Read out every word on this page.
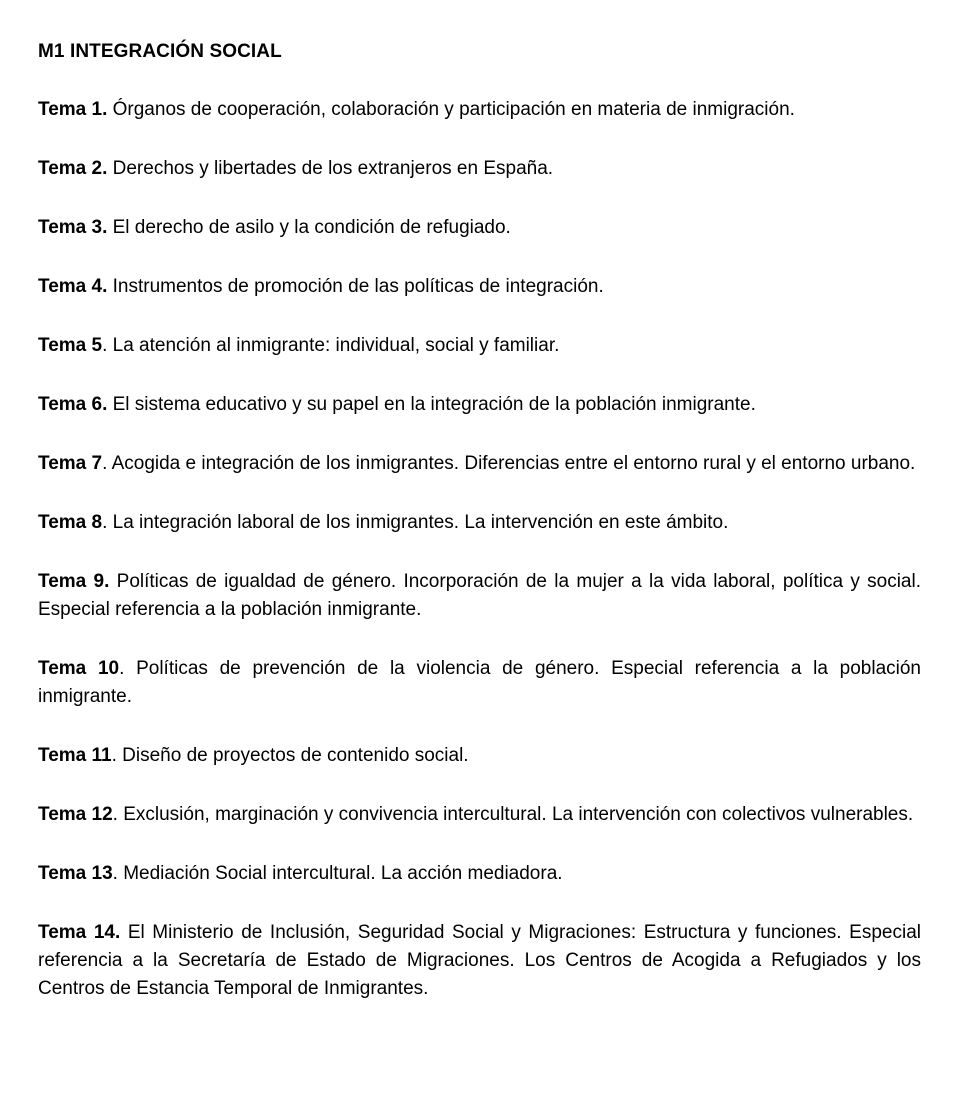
M1 INTEGRACIÓN SOCIAL
Tema 1. Órganos de cooperación, colaboración y participación en materia de inmigración.
Tema 2. Derechos y libertades de los extranjeros en España.
Tema 3. El derecho de asilo y la condición de refugiado.
Tema 4. Instrumentos de promoción de las políticas de integración.
Tema 5. La atención al inmigrante: individual, social y familiar.
Tema 6. El sistema educativo y su papel en la integración de la población inmigrante.
Tema 7. Acogida e integración de los inmigrantes. Diferencias entre el entorno rural y el entorno urbano.
Tema 8. La integración laboral de los inmigrantes. La intervención en este ámbito.
Tema 9. Políticas de igualdad de género. Incorporación de la mujer a la vida laboral, política y social. Especial referencia a la población inmigrante.
Tema 10. Políticas de prevención de la violencia de género. Especial referencia a la población inmigrante.
Tema 11. Diseño de proyectos de contenido social.
Tema 12. Exclusión, marginación y convivencia intercultural. La intervención con colectivos vulnerables.
Tema 13. Mediación Social intercultural. La acción mediadora.
Tema 14. El Ministerio de Inclusión, Seguridad Social y Migraciones: Estructura y funciones. Especial referencia a la Secretaría de Estado de Migraciones. Los Centros de Acogida a Refugiados y los Centros de Estancia Temporal de Inmigrantes.
